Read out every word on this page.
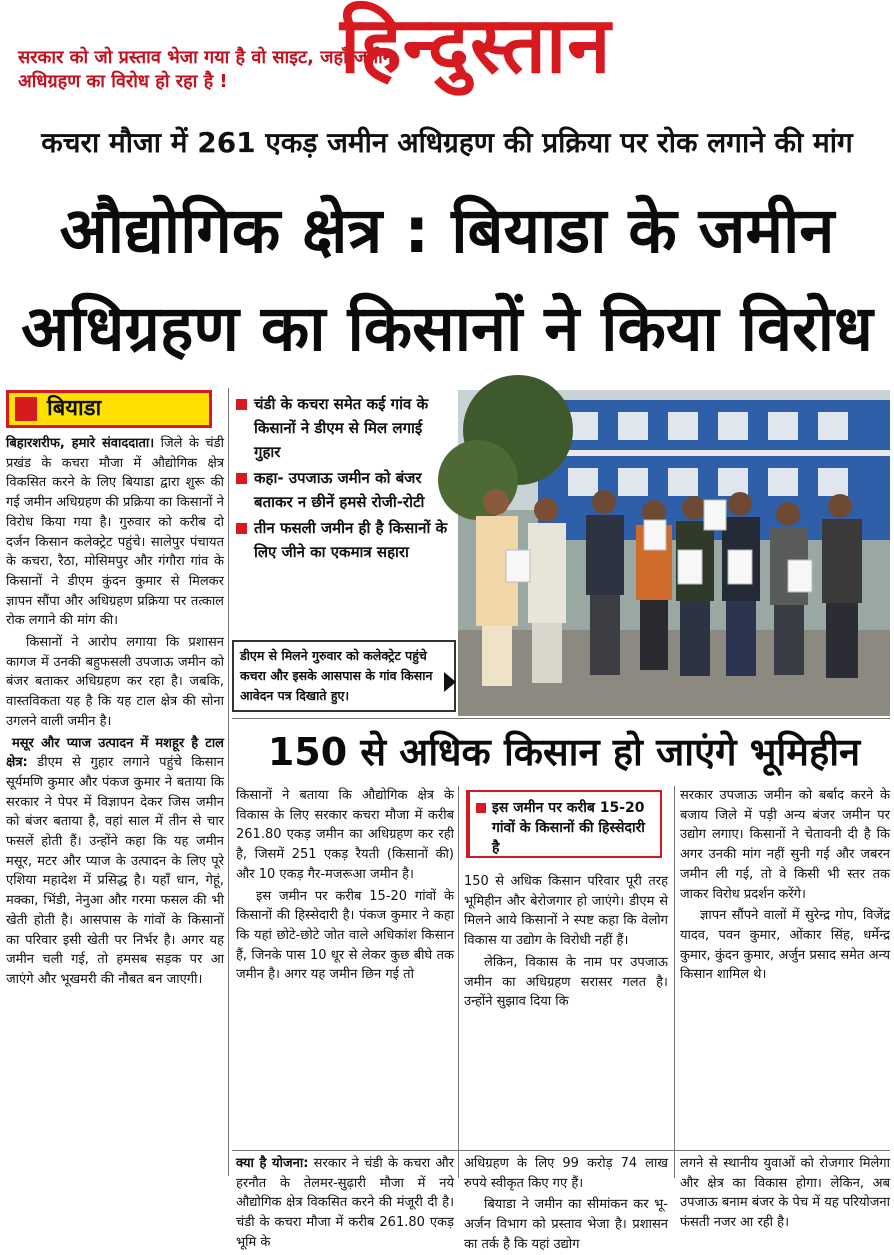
सरकार को जो प्रस्ताव भेजा गया है वो साइट, जहाँ जमीन अधिग्रहण का विरोध हो रहा है !	हिन्दुस्तान
कचरा मौजा में 261 एकड़ जमीन अधिग्रहण की प्रक्रिया पर रोक लगाने की मांग
औद्योगिक क्षेत्र : बियाडा के जमीन
अधिग्रहण का किसानों ने किया विरोध
बियाडा

बिहारशरीफ, हमारे संवाददाता। जिले के चंडी प्रखंड के कचरा मौजा में औद्योगिक क्षेत्र विकसित करने के लिए बियाडा द्वारा शुरू की गई जमीन अधिग्रहण की प्रक्रिया का किसानों ने विरोध किया गया है। गुरुवार को करीब दो दर्जन किसान कलेक्ट्रेट पहुंचे। सालेपुर पंचायत के कचरा, रैठा, मोसिमपुर और गंगौरा गांव के किसानों ने डीएम कुंदन कुमार से मिलकर ज्ञापन सौंपा और अधिग्रहण प्रक्रिया पर तत्काल रोक लगाने की मांग की।

किसानों ने आरोप लगाया कि प्रशासन कागज में उनकी बहुफसली उपजाऊ जमीन को बंजर बताकर अधिग्रहण कर रहा है। जबकि, वास्तविकता यह है कि यह टाल क्षेत्र की सोना उगलने वाली जमीन है।

मसूर और प्याज उत्पादन में मशहूर है टाल क्षेत्र: डीएम से गुहार लगाने पहुंचे किसान सूर्यमणि कुमार और पंकज कुमार ने बताया कि सरकार ने पेपर में विज्ञापन देकर जिस जमीन को बंजर बताया है, वहां साल में तीन से चार फसलें होती हैं। उन्होंने कहा कि यह जमीन मसूर, मटर और प्याज के उत्पादन के लिए पूरे एशिया महादेश में प्रसिद्ध है। यहाँ धान, गेहूं, मक्का, भिंडी, नेनुआ और गरमा फसल की भी खेती होती है। आसपास के गांवों के किसानों का परिवार इसी खेती पर निर्भर है। अगर यह जमीन चली गई, तो हमसब सड़क पर आ जाएंगे और भूखमरी की नौबत बन जाएगी।

चंडी के कचरा समेत कई गांव के किसानों ने डीएम से मिल लगाई गुहार
कहा- उपजाऊ जमीन को बंजर बताकर न छीनें हमसे रोजी-रोटी
तीन फसली जमीन ही है किसानों के लिए जीने का एकमात्र सहारा
डीएम से मिलने गुरुवार को कलेक्ट्रेट पहुंचे कचरा और इसके आसपास के गांव किसान आवेदन पत्र दिखाते हुए।
150 से अधिक किसान हो जाएंगे भूमिहीन

किसानों ने बताया कि औद्योगिक क्षेत्र के विकास के लिए सरकार कचरा मौजा में करीब 261.80 एकड़ जमीन का अधिग्रहण कर रही है, जिसमें 251 एकड़ रैयती (किसानों की) और 10 एकड़ गैर-मजरूआ जमीन है।

इस जमीन पर करीब 15-20 गांवों के किसानों की हिस्सेदारी है। पंकज कुमार ने कहा कि यहां छोटे-छोटे जोत वाले अधिकांश किसान हैं, जिनके पास 10 धूर से लेकर कुछ बीघे तक जमीन है। अगर यह जमीन छिन गई तो

इस जमीन पर करीब 15-20 गांवों के किसानों की हिस्सेदारी है

150 से अधिक किसान परिवार पूरी तरह भूमिहीन और बेरोजगार हो जाएंगे। डीएम से मिलने आये किसानों ने स्पष्ट कहा कि वेलोग विकास या उद्योग के विरोधी नहीं हैं।

लेकिन, विकास के नाम पर उपजाऊ जमीन का अधिग्रहण सरासर गलत है। उन्होंने सुझाव दिया कि

सरकार उपजाऊ जमीन को बर्बाद करने के बजाय जिले में पड़ी अन्य बंजर जमीन पर उद्योग लगाए। किसानों ने चेतावनी दी है कि अगर उनकी मांग नहीं सुनी गई और जबरन जमीन ली गई, तो वे किसी भी स्तर तक जाकर विरोध प्रदर्शन करेंगे।

ज्ञापन सौंपने वालों में सुरेन्द्र गोप, विजेंद्र यादव, पवन कुमार, ओंकार सिंह, धर्मेन्द्र कुमार, कुंदन कुमार, अर्जुन प्रसाद समेत अन्य किसान शामिल थे।

क्या है योजना: सरकार ने चंडी के कचरा और हरनौत के तेलमर-सुढ़ारी मौजा में नये औद्योगिक क्षेत्र विकसित करने की मंजूरी दी है। चंडी के कचरा मौजा में करीब 261.80 एकड़ भूमि के

अधिग्रहण के लिए 99 करोड़ 74 लाख रुपये स्वीकृत किए गए हैं।

बियाडा ने जमीन का सीमांकन कर भू-अर्जन विभाग को प्रस्ताव भेजा है। प्रशासन का तर्क है कि यहां उद्योग

लगने से स्थानीय युवाओं को रोजगार मिलेगा और क्षेत्र का विकास होगा। लेकिन, अब उपजाऊ बनाम बंजर के पेच में यह परियोजना फंसती नजर आ रही है।
